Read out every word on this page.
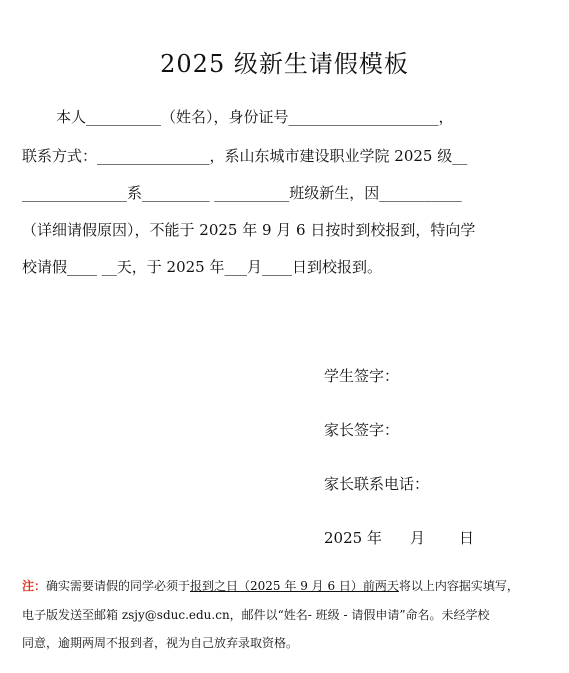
2025 级新生请假模板
本人__________（姓名），身份证号____________________，
联系方式：_______________，系山东城市建设职业学院 2025 级__
______________系_________ __________班级新生，因___________
（详细请假原因），不能于 2025 年 9 月 6 日按时到校报到，特向学
校请假____ __天，于 2025 年___月____日到校报到。
学生签字：
家长签字：
家长联系电话：
2025 年 月 日
注：确实需要请假的同学必须于报到之日（2025 年 9 月 6 日）前两天将以上内容据实填写，
电子版发送至邮箱 zsjy@sduc.edu.cn，邮件以“姓名- 班级 - 请假申请”命名。未经学校
同意，逾期两周不报到者，视为自己放弃录取资格。
